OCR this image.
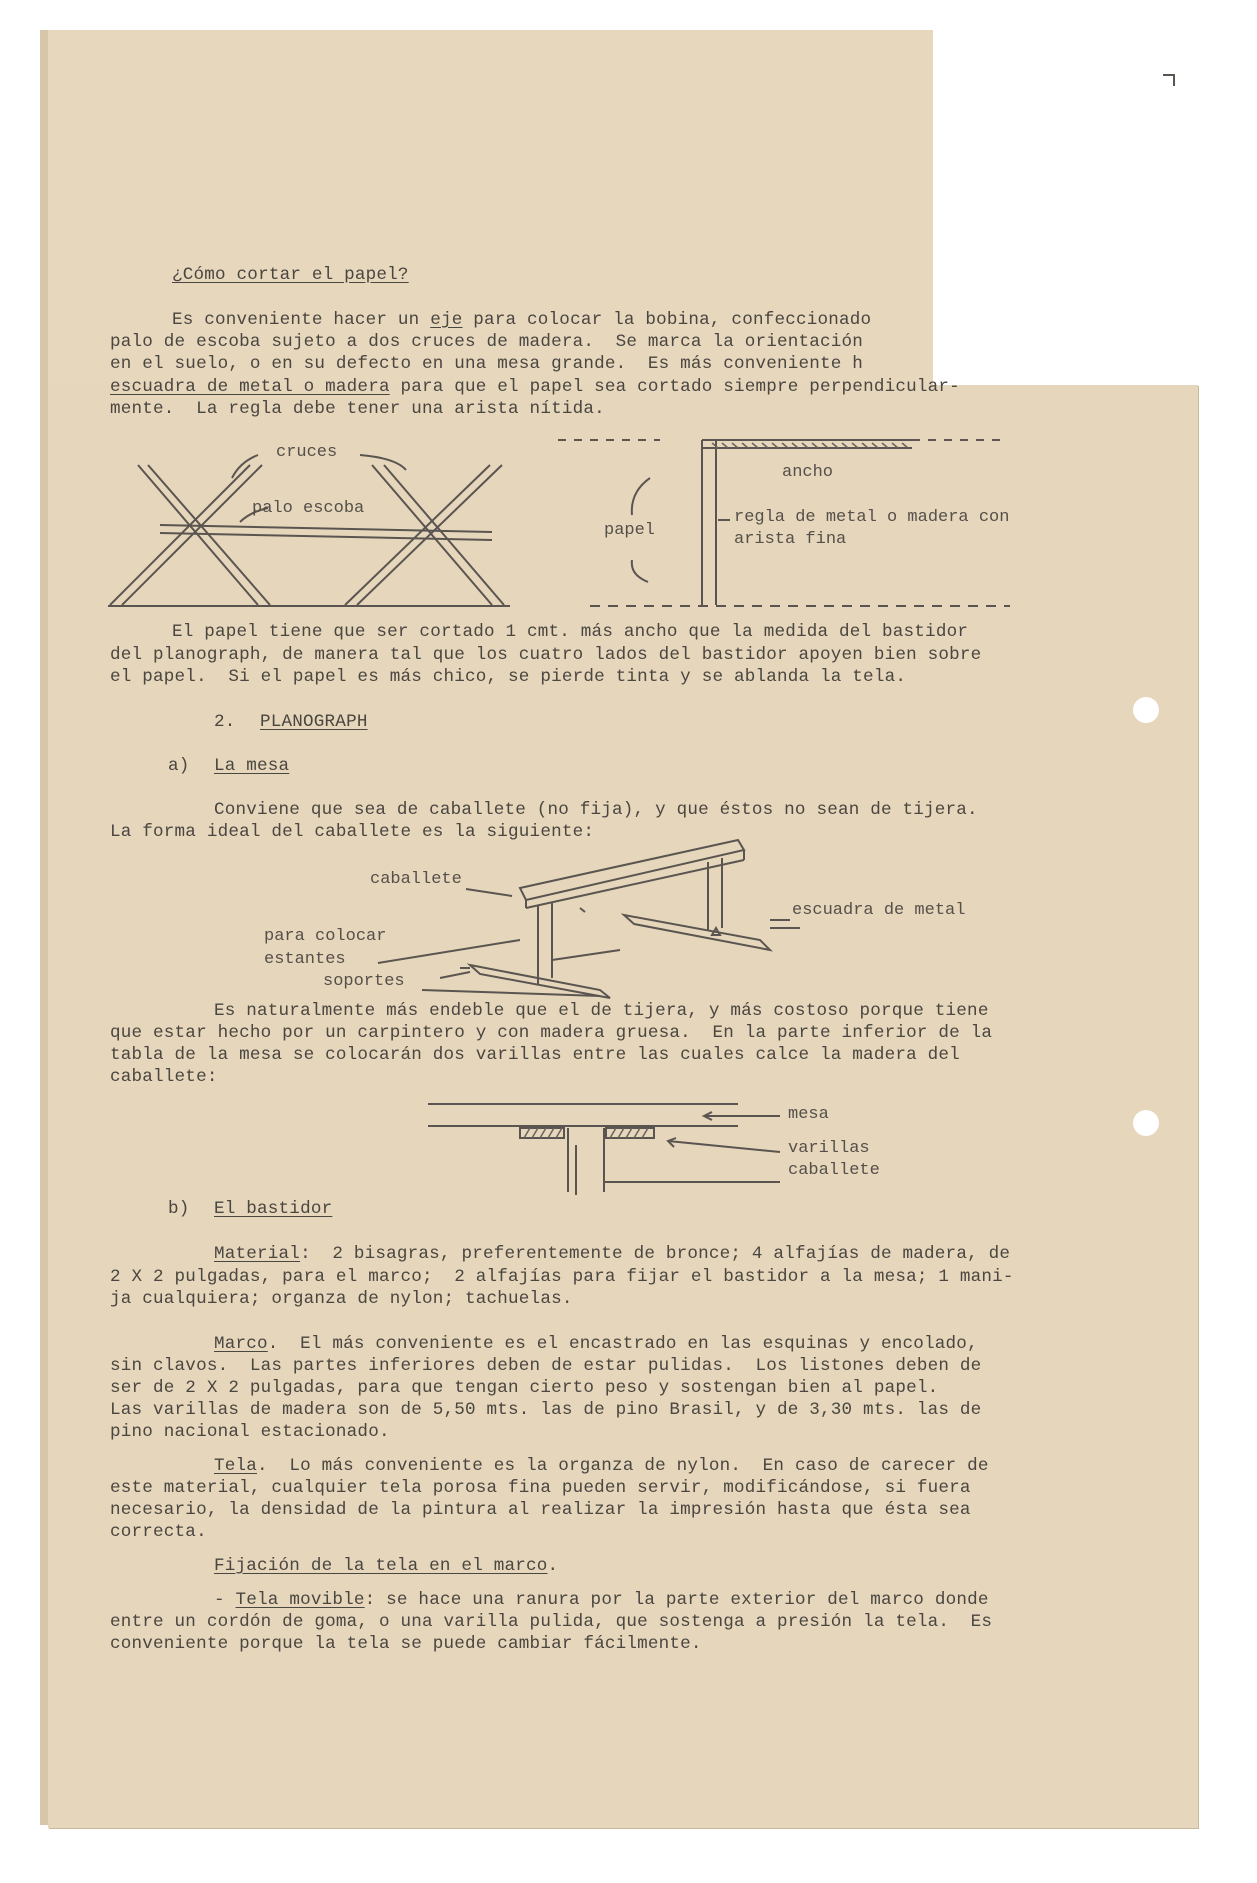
¿Cómo cortar el papel?
Es conveniente hacer un eje para colocar la bobina, confeccionado
palo de escoba sujeto a dos cruces de madera.  Se marca la orientación
en el suelo, o en su defecto en una mesa grande.  Es más conveniente h
escuadra de metal o madera para que el papel sea cortado siempre perpendicular-
mente.  La regla debe tener una arista nítida.
cruces
palo escoba
papel
ancho
regla de metal o madera con
arista fina
El papel tiene que ser cortado 1 cmt. más ancho que la medida del bastidor
del planograph, de manera tal que los cuatro lados del bastidor apoyen bien sobre
el papel.  Si el papel es más chico, se pierde tinta y se ablanda la tela.
2. PLANOGRAPH
a) La mesa
Conviene que sea de caballete (no fija), y que éstos no sean de tijera.
La forma ideal del caballete es la siguiente:
caballete
escuadra de metal
para colocar
estantes
soportes
Es naturalmente más endeble que el de tijera, y más costoso porque tiene
que estar hecho por un carpintero y con madera gruesa.  En la parte inferior de la
tabla de la mesa se colocarán dos varillas entre las cuales calce la madera del
caballete:
mesa
varillas
caballete
b) El bastidor
Material:  2 bisagras, preferentemente de bronce; 4 alfajías de madera, de
2 X 2 pulgadas, para el marco;  2 alfajías para fijar el bastidor a la mesa; 1 mani-
ja cualquiera; organza de nylon; tachuelas.
Marco.  El más conveniente es el encastrado en las esquinas y encolado,
sin clavos.  Las partes inferiores deben de estar pulidas.  Los listones deben de
ser de 2 X 2 pulgadas, para que tengan cierto peso y sostengan bien al papel.
Las varillas de madera son de 5,50 mts. las de pino Brasil, y de 3,30 mts. las de
pino nacional estacionado.
Tela.  Lo más conveniente es la organza de nylon.  En caso de carecer de
este material, cualquier tela porosa fina pueden servir, modificándose, si fuera
necesario, la densidad de la pintura al realizar la impresión hasta que ésta sea
correcta.
Fijación de la tela en el marco.
- Tela movible: se hace una ranura por la parte exterior del marco donde
entre un cordón de goma, o una varilla pulida, que sostenga a presión la tela.  Es
conveniente porque la tela se puede cambiar fácilmente.
